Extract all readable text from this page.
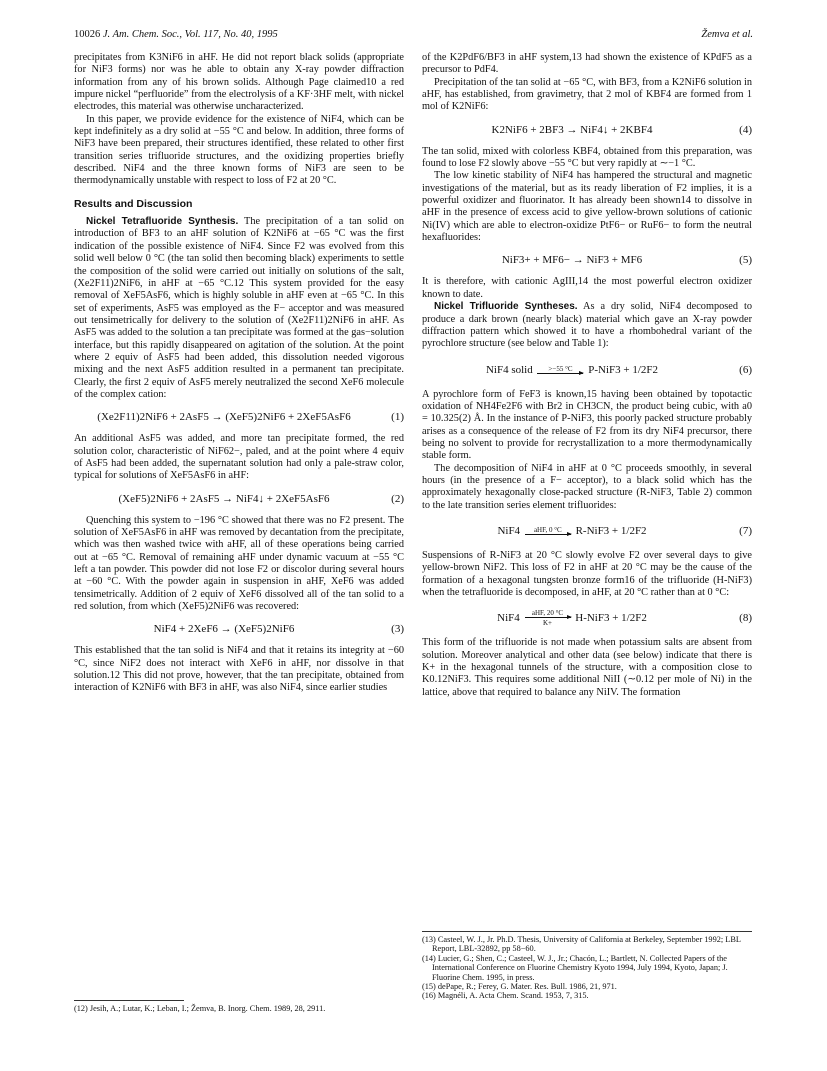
10026 J. Am. Chem. Soc., Vol. 117, No. 40, 1995	Žemva et al.

precipitates from K3NiF6 in aHF. He did not report black solids (appropriate for NiF3 forms) nor was he able to obtain any X-ray powder diffraction information from any of his brown solids. Although Page claimed10 a red impure nickel “perfluoride” from the electrolysis of a KF·3HF melt, with nickel electrodes, this material was otherwise uncharacterized.

In this paper, we provide evidence for the existence of NiF4, which can be kept indefinitely as a dry solid at −55 °C and below. In addition, three forms of NiF3 have been prepared, their structures identified, these related to other first transition series trifluoride structures, and the oxidizing properties briefly described. NiF4 and the three known forms of NiF3 are seen to be thermodynamically unstable with respect to loss of F2 at 20 °C.

Results and Discussion

Nickel Tetrafluoride Synthesis. The precipitation of a tan solid on introduction of BF3 to an aHF solution of K2NiF6 at −65 °C was the first indication of the possible existence of NiF4. Since F2 was evolved from this solid well below 0 °C (the tan solid then becoming black) experiments to settle the composition of the solid were carried out initially on solutions of the salt, (Xe2F11)2NiF6, in aHF at −65 °C.12 This system provided for the easy removal of XeF5AsF6, which is highly soluble in aHF even at −65 °C. In this set of experiments, AsF5 was employed as the F− acceptor and was measured out tensimetrically for delivery to the solution of (Xe2F11)2NiF6 in aHF. As AsF5 was added to the solution a tan precipitate was formed at the gas−solution interface, but this rapidly disappeared on agitation of the solution. At the point where 2 equiv of AsF5 had been added, this dissolution needed vigorous mixing and the next AsF5 addition resulted in a permanent tan precipitate. Clearly, the first 2 equiv of AsF5 merely neutralized the second XeF6 molecule of the complex cation:

(Xe2F11)2NiF6 + 2AsF5 → (XeF5)2NiF6 + 2XeF5AsF6	(1)

An additional AsF5 was added, and more tan precipitate formed, the red solution color, characteristic of NiF62−, paled, and at the point where 4 equiv of AsF5 had been added, the supernatant solution had only a pale-straw color, typical for solutions of XeF5AsF6 in aHF:

(XeF5)2NiF6 + 2AsF5 → NiF4↓ + 2XeF5AsF6	(2)

Quenching this system to −196 °C showed that there was no F2 present. The solution of XeF5AsF6 in aHF was removed by decantation from the precipitate, which was then washed twice with aHF, all of these operations being carried out at −65 °C. Removal of remaining aHF under dynamic vacuum at −55 °C left a tan powder. This powder did not lose F2 or discolor during several hours at −60 °C. With the powder again in suspension in aHF, XeF6 was added tensimetrically. Addition of 2 equiv of XeF6 dissolved all of the tan solid to a red solution, from which (XeF5)2NiF6 was recovered:

NiF4 + 2XeF6 → (XeF5)2NiF6	(3)

This established that the tan solid is NiF4 and that it retains its integrity at −60 °C, since NiF2 does not interact with XeF6 in aHF, nor dissolve in that solution.12 This did not prove, however, that the tan precipitate, obtained from interaction of K2NiF6 with BF3 in aHF, was also NiF4, since earlier studies

(12) Jesih, A.; Lutar, K.; Leban, I.; Žemva, B. Inorg. Chem. 1989, 28, 2911.

of the K2PdF6/BF3 in aHF system,13 had shown the existence of KPdF5 as a precursor to PdF4.

Precipitation of the tan solid at −65 °C, with BF3, from a K2NiF6 solution in aHF, has established, from gravimetry, that 2 mol of KBF4 are formed from 1 mol of K2NiF6:

K2NiF6 + 2BF3 → NiF4↓ + 2KBF4	(4)

The tan solid, mixed with colorless KBF4, obtained from this preparation, was found to lose F2 slowly above −55 °C but very rapidly at ∼−1 °C.

The low kinetic stability of NiF4 has hampered the structural and magnetic investigations of the material, but as its ready liberation of F2 implies, it is a powerful oxidizer and fluorinator. It has already been shown14 to dissolve in aHF in the presence of excess acid to give yellow-brown solutions of cationic Ni(IV) which are able to electron-oxidize PtF6− or RuF6− to form the neutral hexafluorides:

NiF3+ + MF6− → NiF3 + MF6	(5)

It is therefore, with cationic AgIII,14 the most powerful electron oxidizer known to date.

Nickel Trifluoride Syntheses. As a dry solid, NiF4 decomposed to produce a dark brown (nearly black) material which gave an X-ray powder diffraction pattern which showed it to have a rhombohedral variant of the pyrochlore structure (see below and Table 1):

NiF4 solid	>−55 °C	P-NiF3 + 1/2F2	(6)

A pyrochlore form of FeF3 is known,15 having been obtained by topotactic oxidation of NH4Fe2F6 with Br2 in CH3CN, the product being cubic, with a0 = 10.325(2) Å. In the instance of P-NiF3, this poorly packed structure probably arises as a consequence of the release of F2 from its dry NiF4 precursor, there being no solvent to provide for recrystallization to a more thermodynamically stable form.

The decomposition of NiF4 in aHF at 0 °C proceeds smoothly, in several hours (in the presence of a F− acceptor), to a black solid which has the approximately hexagonally close-packed structure (R-NiF3, Table 2) common to the late transition series element trifluorides:

NiF4	aHF, 0 °C	R-NiF3 + 1/2F2	(7)

Suspensions of R-NiF3 at 20 °C slowly evolve F2 over several days to give yellow-brown NiF2. This loss of F2 in aHF at 20 °C may be the cause of the formation of a hexagonal tungsten bronze form16 of the trifluoride (H-NiF3) when the tetrafluoride is decomposed, in aHF, at 20 °C rather than at 0 °C:

NiF4	aHF, 20 °C
K+	H-NiF3 + 1/2F2	(8)

This form of the trifluoride is not made when potassium salts are absent from solution. Moreover analytical and other data (see below) indicate that there is K+ in the hexagonal tunnels of the structure, with a composition close to K0.12NiF3. This requires some additional NiII (∼0.12 per mole of Ni) in the lattice, above that required to balance any NiIV. The formation

(13) Casteel, W. J., Jr. Ph.D. Thesis, University of California at Berkeley, September 1992; LBL Report, LBL-32892, pp 58−60.
(14) Lucier, G.; Shen, C.; Casteel, W. J., Jr.; Chacón, L.; Bartlett, N. Collected Papers of the International Conference on Fluorine Chemistry Kyoto 1994, July 1994, Kyoto, Japan; J. Fluorine Chem. 1995, in press.
(15) dePape, R.; Ferey, G. Mater. Res. Bull. 1986, 21, 971.
(16) Magnéli, A. Acta Chem. Scand. 1953, 7, 315.
